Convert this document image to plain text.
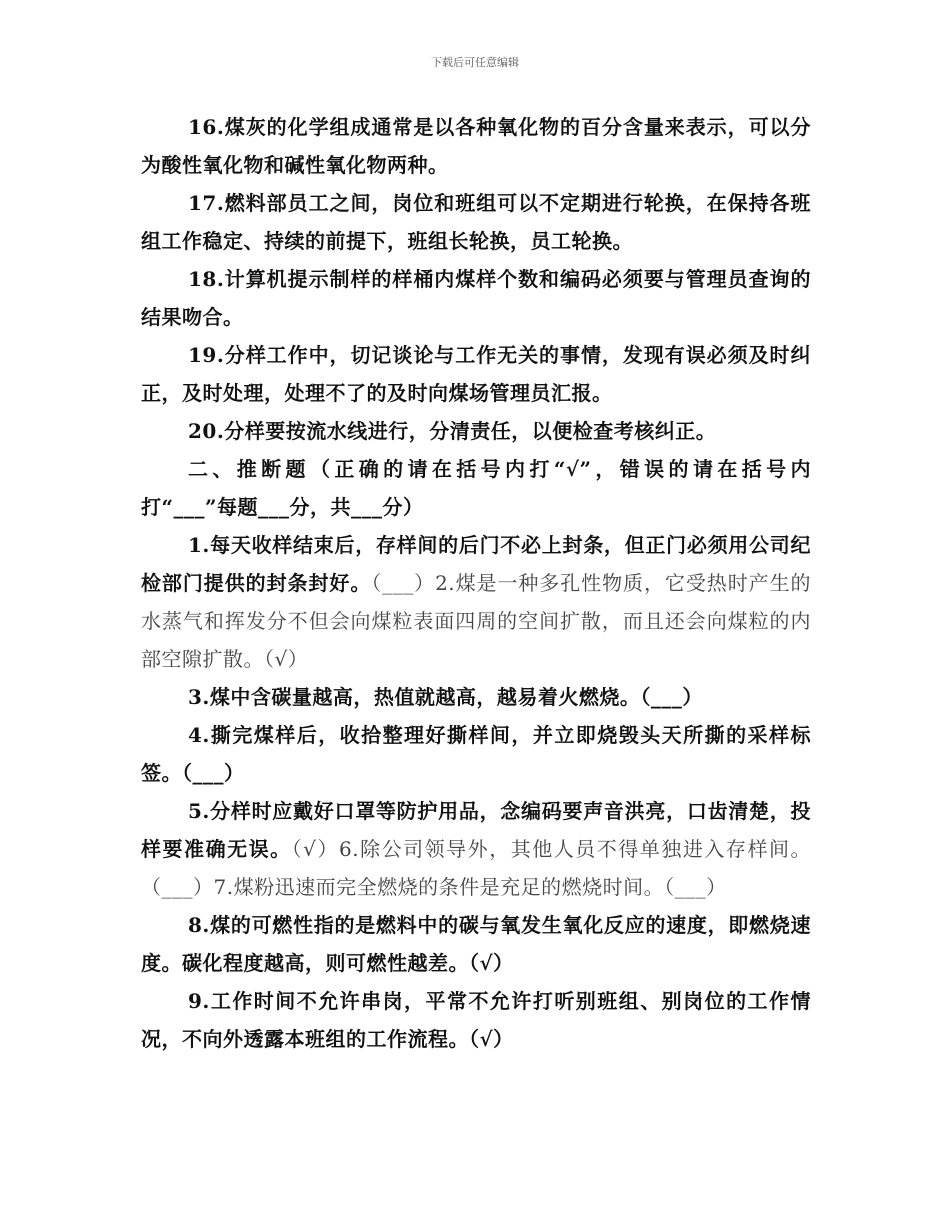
下载后可任意编辑

16.煤灰的化学组成通常是以各种氧化物的百分含量来表示，可以分为酸性氧化物和碱性氧化物两种。

17.燃料部员工之间，岗位和班组可以不定期进行轮换，在保持各班组工作稳定、持续的前提下，班组长轮换，员工轮换。

18.计算机提示制样的样桶内煤样个数和编码必须要与管理员查询的结果吻合。

19.分样工作中，切记谈论与工作无关的事情，发现有误必须及时纠正，及时处理，处理不了的及时向煤场管理员汇报。

20.分样要按流水线进行，分清责任，以便检查考核纠正。

二、推断题（正确的请在括号内打“√”，错误的请在括号内打“___”每题___分，共___分）

1.每天收样结束后，存样间的后门不必上封条，但正门必须用公司纪检部门提供的封条封好。（___）2.煤是一种多孔性物质，它受热时产生的水蒸气和挥发分不但会向煤粒表面四周的空间扩散，而且还会向煤粒的内部空隙扩散。（√）

3.煤中含碳量越高，热值就越高，越易着火燃烧。（___）

4.撕完煤样后，收拾整理好撕样间，并立即烧毁头天所撕的采样标签。（___）

5.分样时应戴好口罩等防护用品，念编码要声音洪亮，口齿清楚，投样要准确无误。（√）6.除公司领导外，其他人员不得单独进入存样间。（___）7.煤粉迅速而完全燃烧的条件是充足的燃烧时间。（___）

8.煤的可燃性指的是燃料中的碳与氧发生氧化反应的速度，即燃烧速度。碳化程度越高，则可燃性越差。（√）

9.工作时间不允许串岗，平常不允许打听别班组、别岗位的工作情况，不向外透露本班组的工作流程。（√）
